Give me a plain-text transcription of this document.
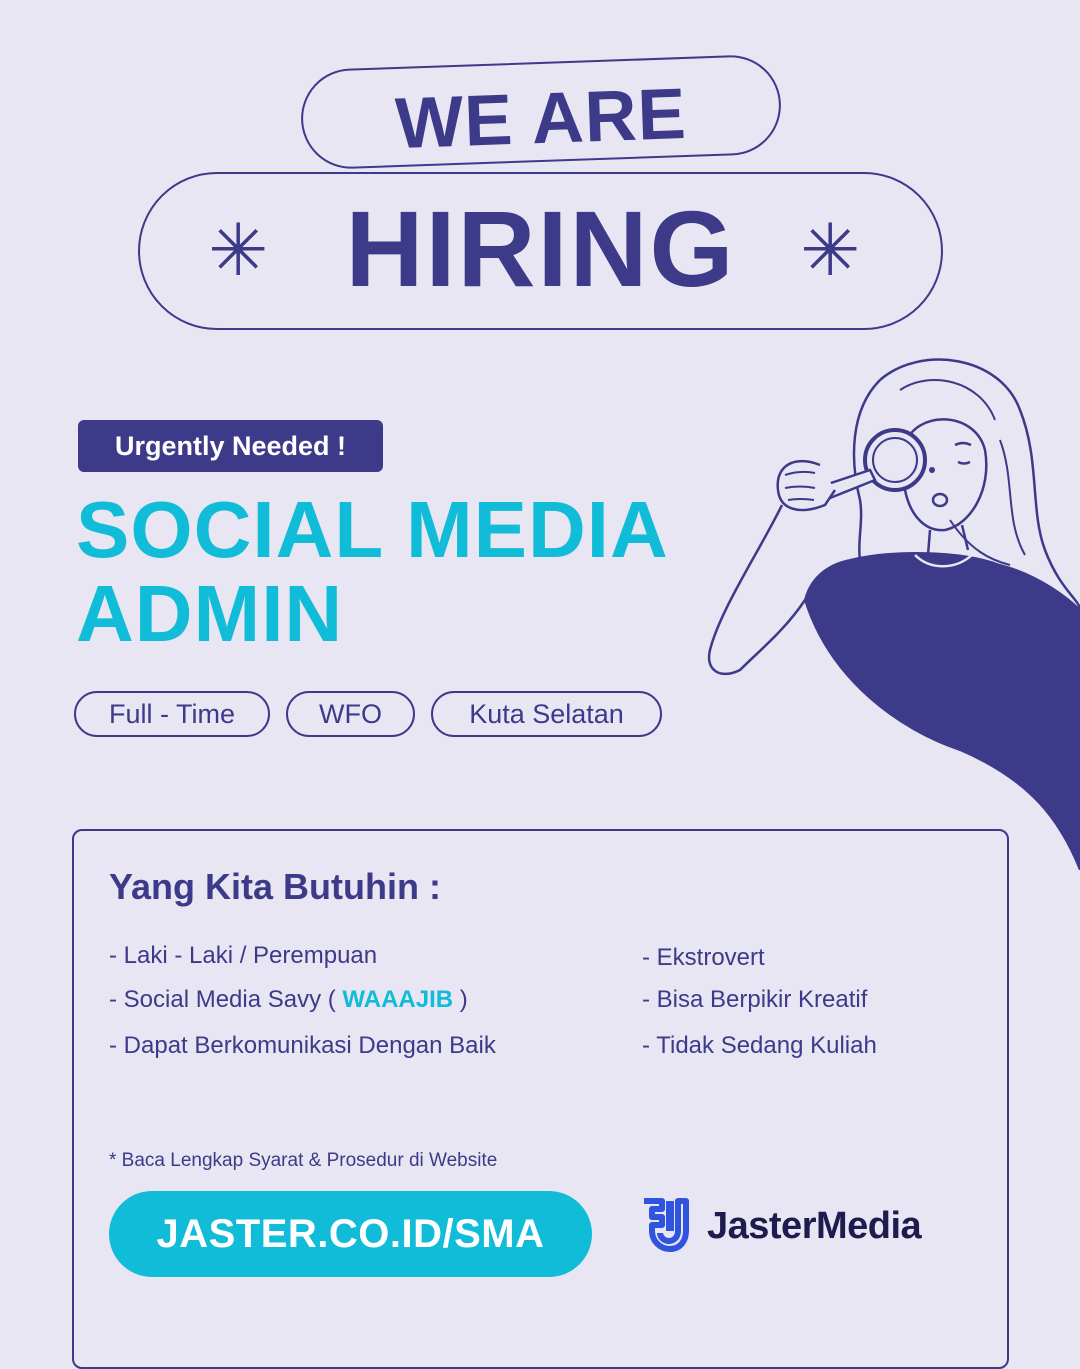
WE ARE
HIRING
✳	✳
Urgently Needed !
SOCIAL MEDIA
ADMIN
Full - Time	WFO	Kuta Selatan
Yang Kita Butuhin :
- Laki - Laki / Perempuan
- Social Media Savy ( WAAAJIB )
- Dapat Berkomunikasi Dengan Baik
- Ekstrovert
- Bisa Berpikir Kreatif
- Tidak Sedang Kuliah
* Baca Lengkap Syarat & Prosedur di Website
JASTER.CO.ID/SMA	JasterMedia
